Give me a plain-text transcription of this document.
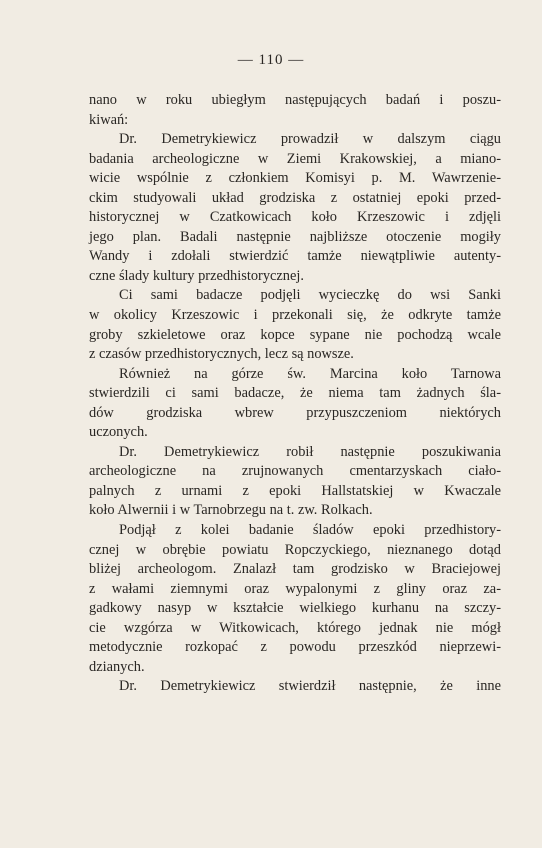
— 110 —
nano w roku ubiegłym następujących badań i poszu-
kiwań:
Dr. Demetrykiewicz prowadził w dalszym ciągu
badania archeologiczne w Ziemi Krakowskiej, a miano-
wicie wspólnie z członkiem Komisyi p. M. Wawrzenie-
ckim studyowali układ grodziska z ostatniej epoki przed-
historycznej w Czatkowicach koło Krzeszowic i zdjęli
jego plan. Badali następnie najbliższe otoczenie mogiły
Wandy i zdołali stwierdzić tamże niewątpliwie autenty-
czne ślady kultury przedhistorycznej.
Ci sami badacze podjęli wycieczkę do wsi Sanki
w okolicy Krzeszowic i przekonali się, że odkryte tamże
groby szkieletowe oraz kopce sypane nie pochodzą wcale
z czasów przedhistorycznych, lecz są nowsze.
Również na górze św. Marcina koło Tarnowa
stwierdzili ci sami badacze, że niema tam żadnych śla-
dów grodziska wbrew przypuszczeniom niektórych
uczonych.
Dr. Demetrykiewicz robił następnie poszukiwania
archeologiczne na zrujnowanych cmentarzyskach ciało-
palnych z urnami z epoki Hallstatskiej w Kwaczale
koło Alwernii i w Tarnobrzegu na t. zw. Rolkach.
Podjął z kolei badanie śladów epoki przedhistory-
cznej w obrębie powiatu Ropczyckiego, nieznanego dotąd
bliżej archeologom. Znalazł tam grodzisko w Braciejowej
z wałami ziemnymi oraz wypalonymi z gliny oraz za-
gadkowy nasyp w kształcie wielkiego kurhanu na szczy-
cie wzgórza w Witkowicach, którego jednak nie mógł
metodycznie rozkopać z powodu przeszkód nieprzewi-
dzianych.
Dr. Demetrykiewicz stwierdził następnie, że inne
